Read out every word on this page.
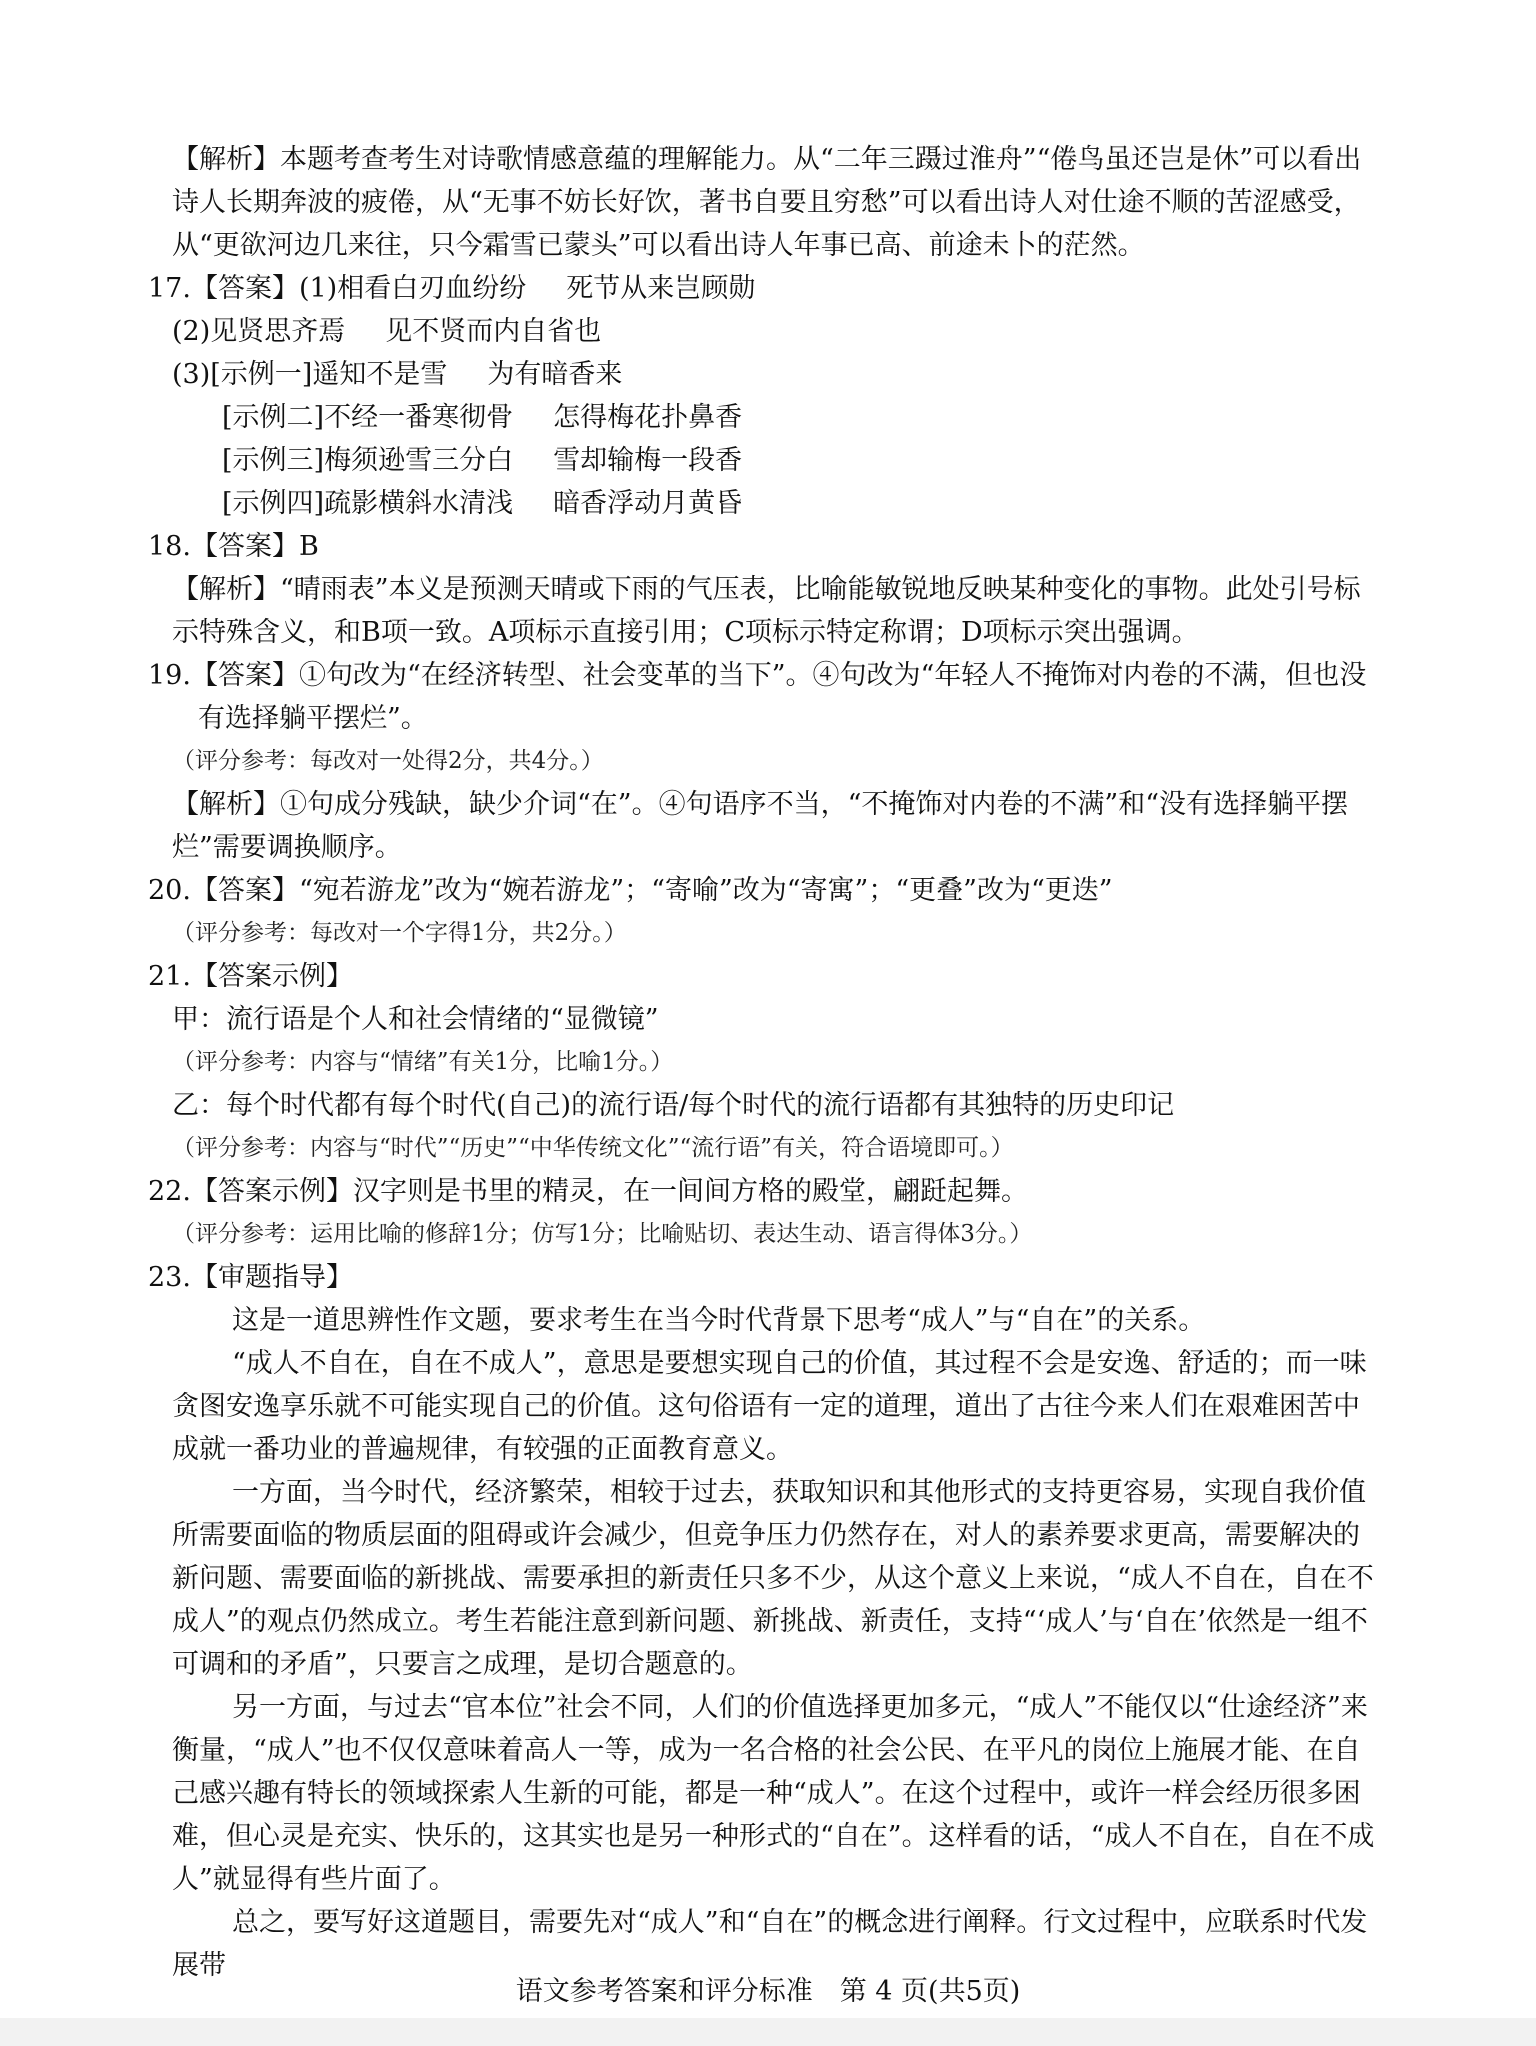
【解析】本题考查考生对诗歌情感意蕴的理解能力。从“二年三蹑过淮舟”“倦鸟虽还岂是休”可以看出诗人长期奔波的疲倦，从“无事不妨长好饮，著书自要且穷愁”可以看出诗人对仕途不顺的苦涩感受，从“更欲河边几来往，只今霜雪已蒙头”可以看出诗人年事已高、前途未卜的茫然。

17.【答案】(1)相看白刃血纷纷 死节从来岂顾勋

(2)见贤思齐焉 见不贤而内自省也

(3)[示例一]遥知不是雪 为有暗香来

[示例二]不经一番寒彻骨 怎得梅花扑鼻香

[示例三]梅须逊雪三分白 雪却输梅一段香

[示例四]疏影横斜水清浅 暗香浮动月黄昏

18.【答案】B

【解析】“晴雨表”本义是预测天晴或下雨的气压表，比喻能敏锐地反映某种变化的事物。此处引号标示特殊含义，和B项一致。A项标示直接引用；C项标示特定称谓；D项标示突出强调。

19.【答案】①句改为“在经济转型、社会变革的当下”。④句改为“年轻人不掩饰对内卷的不满，但也没有选择躺平摆烂”。

（评分参考：每改对一处得2分，共4分。）

【解析】①句成分残缺，缺少介词“在”。④句语序不当，“不掩饰对内卷的不满”和“没有选择躺平摆烂”需要调换顺序。

20.【答案】“宛若游龙”改为“婉若游龙”；“寄喻”改为“寄寓”；“更叠”改为“更迭”

（评分参考：每改对一个字得1分，共2分。）

21.【答案示例】

甲：流行语是个人和社会情绪的“显微镜”

（评分参考：内容与“情绪”有关1分，比喻1分。）

乙：每个时代都有每个时代(自己)的流行语/每个时代的流行语都有其独特的历史印记

（评分参考：内容与“时代”“历史”“中华传统文化”“流行语”有关，符合语境即可。）

22.【答案示例】汉字则是书里的精灵，在一间间方格的殿堂，翩跹起舞。

（评分参考：运用比喻的修辞1分；仿写1分；比喻贴切、表达生动、语言得体3分。）

23.【审题指导】

这是一道思辨性作文题，要求考生在当今时代背景下思考“成人”与“自在”的关系。

“成人不自在，自在不成人”，意思是要想实现自己的价值，其过程不会是安逸、舒适的；而一味贪图安逸享乐就不可能实现自己的价值。这句俗语有一定的道理，道出了古往今来人们在艰难困苦中成就一番功业的普遍规律，有较强的正面教育意义。

一方面，当今时代，经济繁荣，相较于过去，获取知识和其他形式的支持更容易，实现自我价值所需要面临的物质层面的阻碍或许会减少，但竞争压力仍然存在，对人的素养要求更高，需要解决的新问题、需要面临的新挑战、需要承担的新责任只多不少，从这个意义上来说，“成人不自在，自在不成人”的观点仍然成立。考生若能注意到新问题、新挑战、新责任，支持“‘成人’与‘自在’依然是一组不可调和的矛盾”，只要言之成理，是切合题意的。

另一方面，与过去“官本位”社会不同，人们的价值选择更加多元，“成人”不能仅以“仕途经济”来衡量，“成人”也不仅仅意味着高人一等，成为一名合格的社会公民、在平凡的岗位上施展才能、在自己感兴趣有特长的领域探索人生新的可能，都是一种“成人”。在这个过程中，或许一样会经历很多困难，但心灵是充实、快乐的，这其实也是另一种形式的“自在”。这样看的话，“成人不自在，自在不成人”就显得有些片面了。

总之，要写好这道题目，需要先对“成人”和“自在”的概念进行阐释。行文过程中，应联系时代发展带

语文参考答案和评分标准　第 4 页(共5页)
